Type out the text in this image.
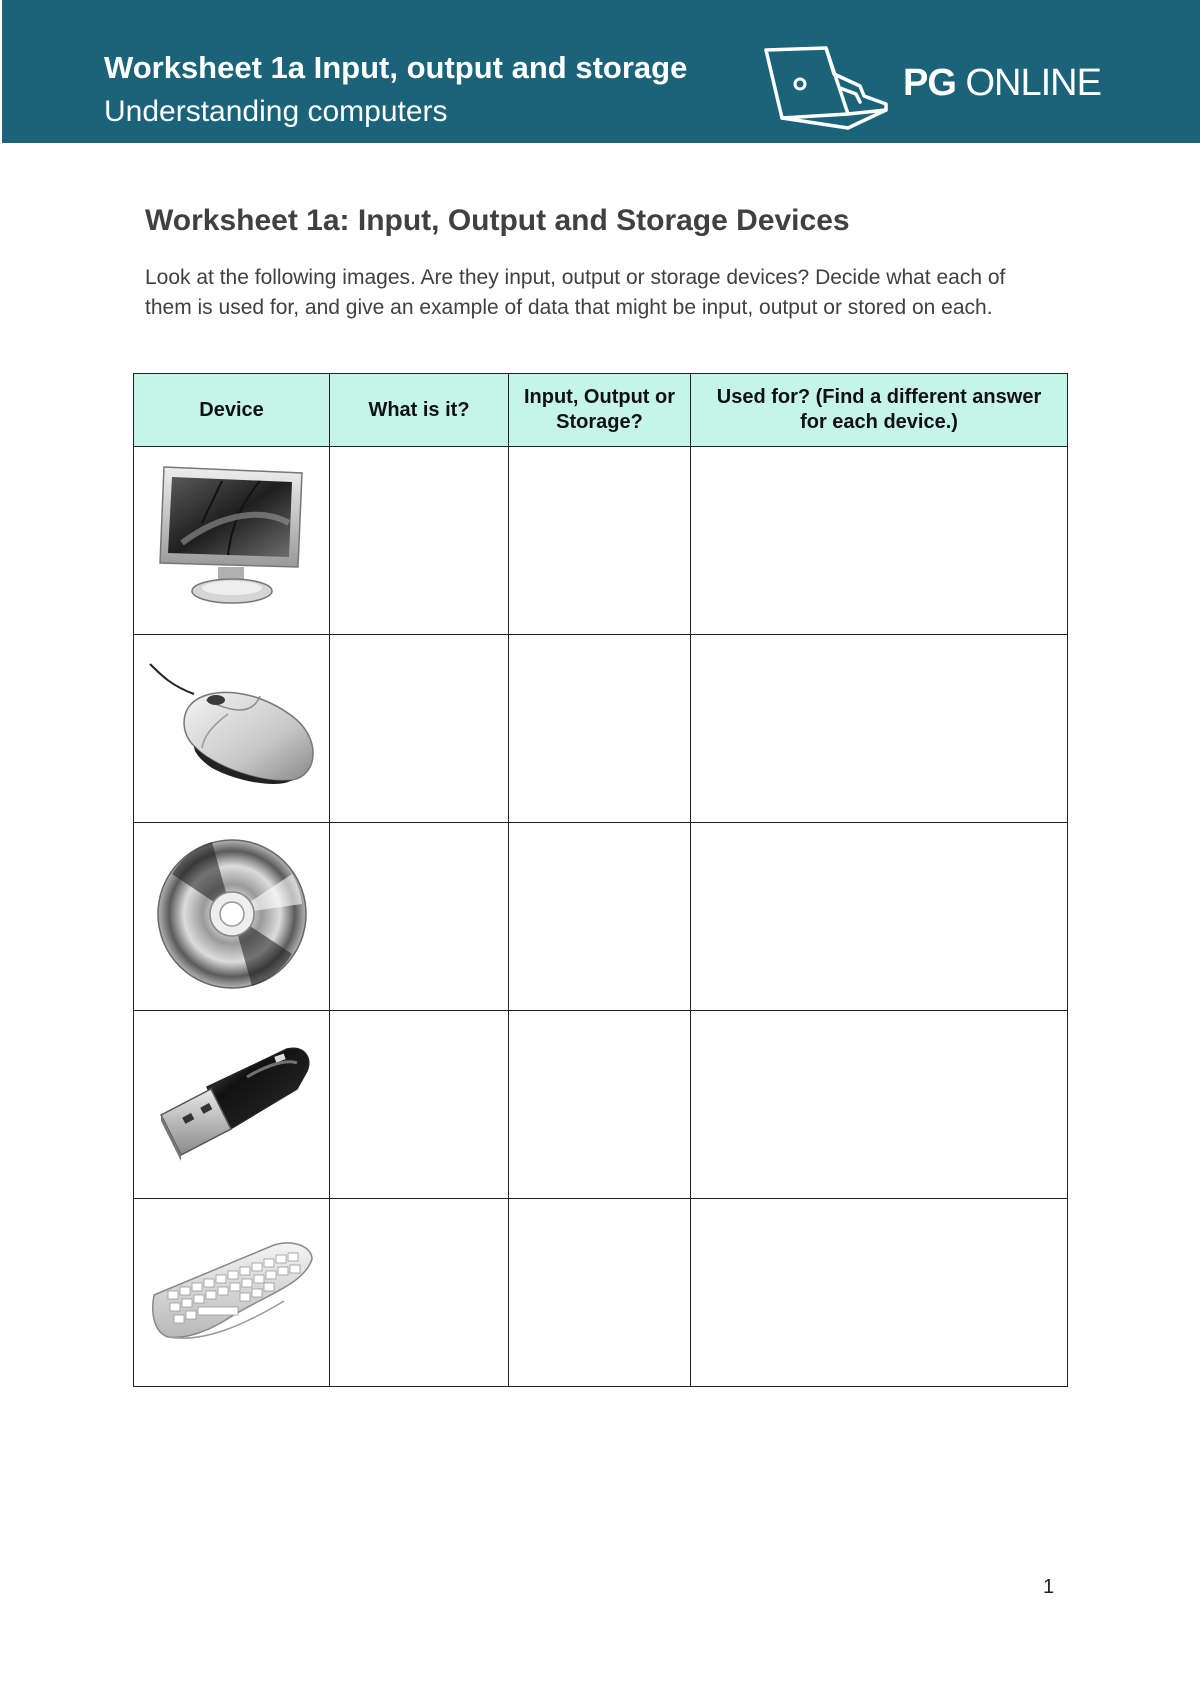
Worksheet 1a Input, output and storage
Understanding computers
PG ONLINE
Worksheet 1a: Input, Output and Storage Devices
Look at the following images. Are they input, output or storage devices? Decide what each of them is used for, and give an example of data that might be input, output or stored on each.
Device	What is it?	Input, Output or Storage?	Used for? (Find a different answer for each device.)

1
